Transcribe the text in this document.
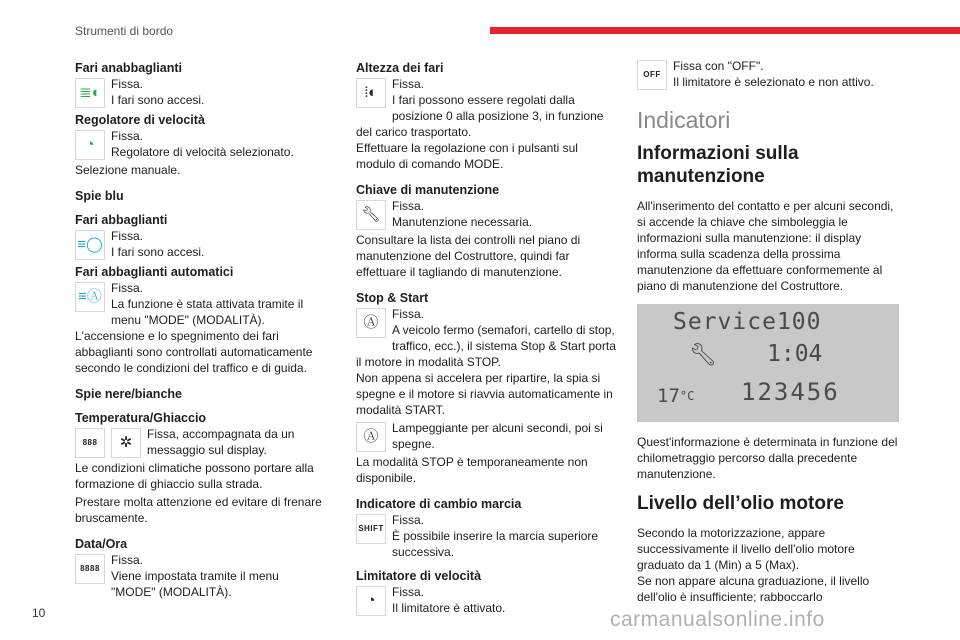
Strumenti di bordo
Fari anabbaglianti
≣◐ Fissa.
I fari sono accesi.
Regolatore di velocità
◔	Fissa.
Regolatore di velocità selezionato.
Selezione manuale.
Spie blu
Fari abbaglianti
≡◯ Fissa.
I fari sono accesi.
Fari abbaglianti automatici
≡Ⓐ Fissa.
La funzione è stata attivata tramite il menu "MODE" (MODALITÀ).
L'accensione e lo spegnimento dei fari abbaglianti sono controllati automaticamente secondo le condizioni del traffico e di guida.
Spie nere/bianche
Temperatura/Ghiaccio
888	✲	Fissa, accompagnata da un messaggio sul display.
Le condizioni climatiche possono portare alla formazione di ghiaccio sulla strada.
Prestare molta attenzione ed evitare di frenare bruscamente.
Data/Ora
8888
Fissa.
Viene impostata tramite il menu "MODE" (MODALITÀ).
Altezza dei fari
⦙◐	Fissa.
I fari possono essere regolati dalla posizione 0 alla posizione 3, in funzione del carico trasportato.
Effettuare la regolazione con i pulsanti sul modulo di comando MODE.
Chiave di manutenzione
🔧︎ Fissa.
Manutenzione necessaria.
Consultare la lista dei controlli nel piano di manutenzione del Costruttore, quindi far effettuare il tagliando di manutenzione.
Stop & Start
Ⓐ	Fissa.
A veicolo fermo (semafori, cartello di stop, traffico, ecc.), il sistema Stop & Start porta il motore in modalità STOP.
Non appena si accelera per ripartire, la spia si spegne e il motore si riavvia automaticamente in modalità START.
Ⓐ	Lampeggiante per alcuni secondi, poi si spegne.
La modalità STOP è temporaneamente non disponibile.
Indicatore di cambio marcia
SHIFT
Fissa.
È possibile inserire la marcia superiore successiva.
Limitatore di velocità
◔	Fissa.
Il limitatore è attivato.
OFF
Fissa con "OFF".
Il limitatore è selezionato e non attivo.
Indicatori
Informazioni sulla manutenzione
All'inserimento del contatto e per alcuni secondi, si accende la chiave che simboleggia le informazioni sulla manutenzione: il display informa sulla scadenza della prossima manutenzione da effettuare conformemente al piano di manutenzione del Costruttore.
Service100
🔧︎ 1:04
$17^{^\circ C}$ 123456
Quest'informazione è determinata in funzione del chilometraggio percorso dalla precedente manutenzione.
Livello dell’olio motore
Secondo la motorizzazione, appare successivamente il livello dell'olio motore graduato da 1 (Min) a 5 (Max).
Se non appare alcuna graduazione, il livello dell'olio è insufficiente; rabboccarlo
10	carmanualsonline.info
